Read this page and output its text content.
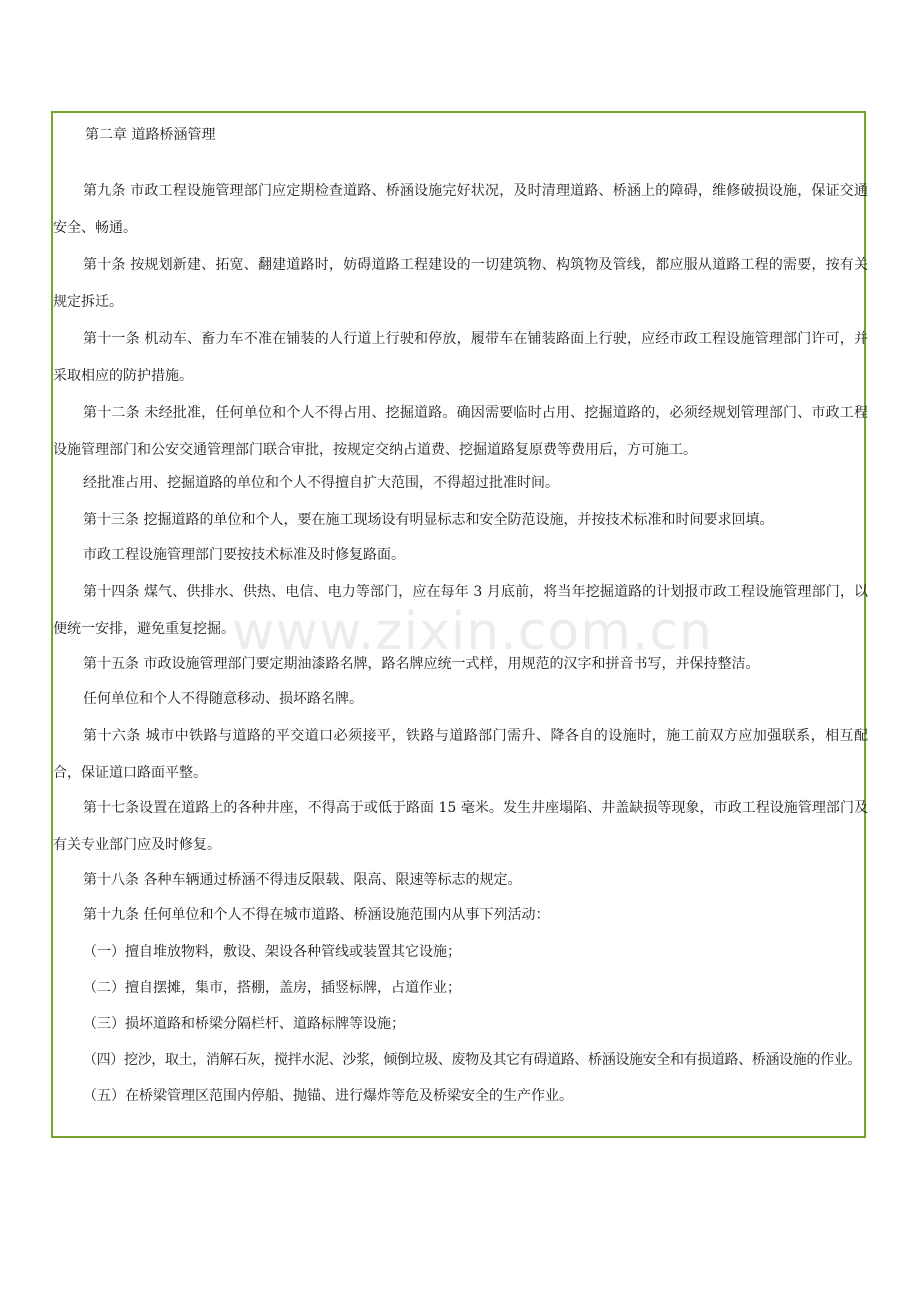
第二章 道路桥涵管理
第九条 市政工程设施管理部门应定期检查道路、桥涵设施完好状况，及时清理道路、桥涵上的障碍，维修破损设施，保证交通安全、畅通。
第十条 按规划新建、拓宽、翻建道路时，妨碍道路工程建设的一切建筑物、构筑物及管线，都应服从道路工程的需要，按有关规定拆迁。
第十一条 机动车、畜力车不准在铺装的人行道上行驶和停放，履带车在铺装路面上行驶，应经市政工程设施管理部门许可，并采取相应的防护措施。
第十二条 未经批准，任何单位和个人不得占用、挖掘道路。确因需要临时占用、挖掘道路的，必须经规划管理部门、市政工程设施管理部门和公安交通管理部门联合审批，按规定交纳占道费、挖掘道路复原费等费用后，方可施工。
经批准占用、挖掘道路的单位和个人不得擅自扩大范围，不得超过批准时间。
第十三条 挖掘道路的单位和个人，要在施工现场设有明显标志和安全防范设施，并按技术标准和时间要求回填。
市政工程设施管理部门要按技术标准及时修复路面。
第十四条 煤气、供排水、供热、电信、电力等部门，应在每年 3 月底前，将当年挖掘道路的计划报市政工程设施管理部门，以便统一安排，避免重复挖掘。
第十五条 市政设施管理部门要定期油漆路名牌，路名牌应统一式样，用规范的汉字和拼音书写，并保持整洁。
任何单位和个人不得随意移动、损坏路名牌。
第十六条 城市中铁路与道路的平交道口必须接平，铁路与道路部门需升、降各自的设施时，施工前双方应加强联系，相互配合，保证道口路面平整。
第十七条设置在道路上的各种井座，不得高于或低于路面 15 毫米。发生井座塌陷、井盖缺损等现象，市政工程设施管理部门及有关专业部门应及时修复。
第十八条 各种车辆通过桥涵不得违反限载、限高、限速等标志的规定。
第十九条 任何单位和个人不得在城市道路、桥涵设施范围内从事下列活动：
（一）擅自堆放物料，敷设、架设各种管线或装置其它设施；
（二）擅自摆摊，集市，搭棚，盖房，插竖标牌，占道作业；
（三）损坏道路和桥梁分隔栏杆、道路标牌等设施；
（四）挖沙，取土，消解石灰，搅拌水泥、沙浆，倾倒垃圾、废物及其它有碍道路、桥涵设施安全和有损道路、桥涵设施的作业。
（五）在桥梁管理区范围内停船、抛锚、进行爆炸等危及桥梁安全的生产作业。
www.zixin.com.cn
